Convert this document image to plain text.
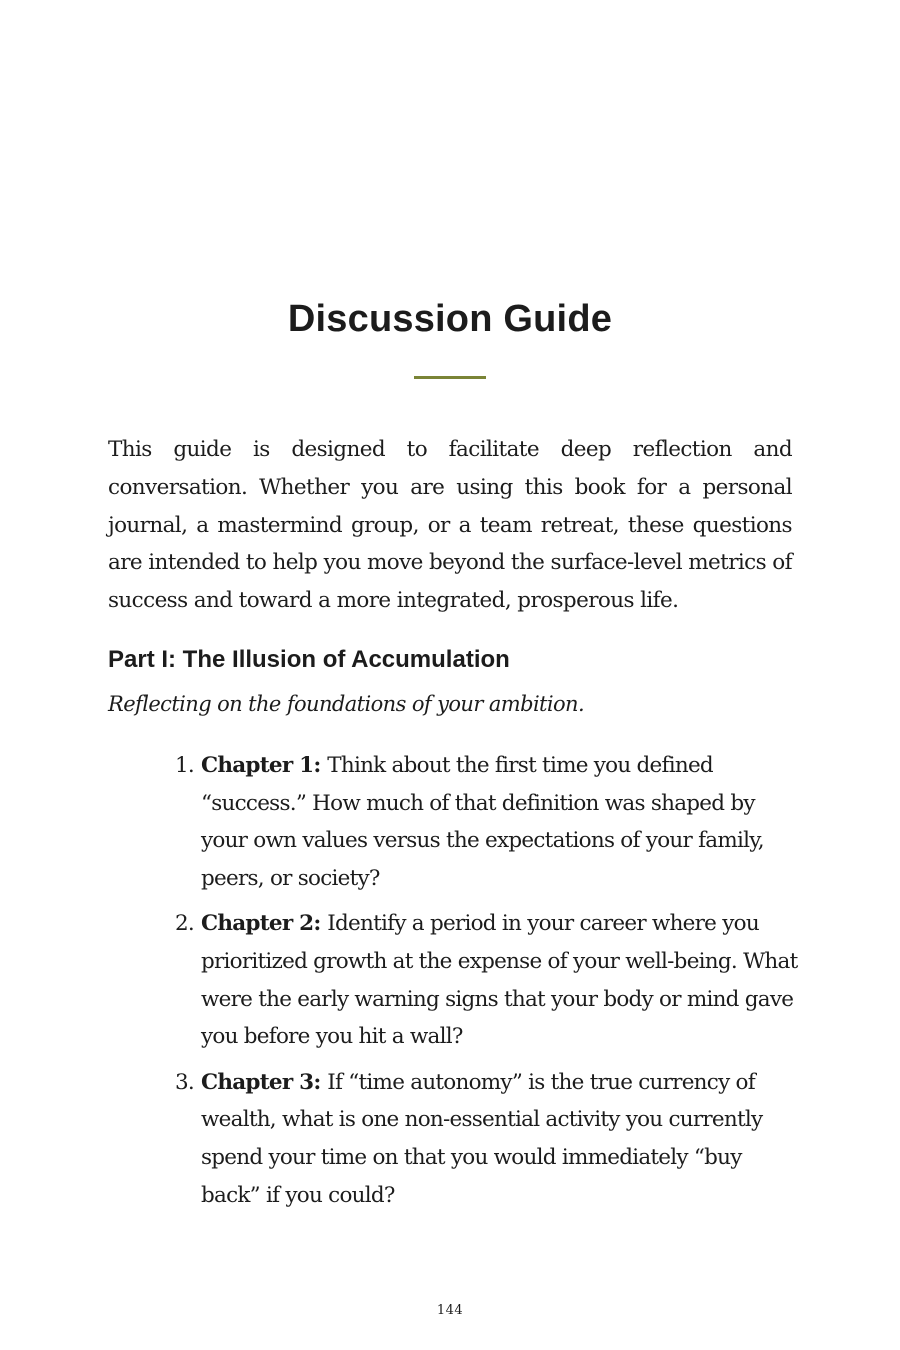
Discussion Guide

This guide is designed to facilitate deep reflection and conversation. Whether you are using this book for a personal journal, a mastermind group, or a team retreat, these questions are intended to help you move beyond the surface-level metrics of success and toward a more integrated, prosperous life.

Part I: The Illusion of Accumulation

Reflecting on the foundations of your ambition.

1. Chapter 1: Think about the first time you defined “success.” How much of that definition was shaped by your own values versus the expectations of your family, peers, or society?
2. Chapter 2: Identify a period in your career where you prioritized growth at the expense of your well-being. What were the early warning signs that your body or mind gave you before you hit a wall?
3. Chapter 3: If “time autonomy” is the true currency of wealth, what is one non-essential activity you currently spend your time on that you would immediately “buy back” if you could?

144
